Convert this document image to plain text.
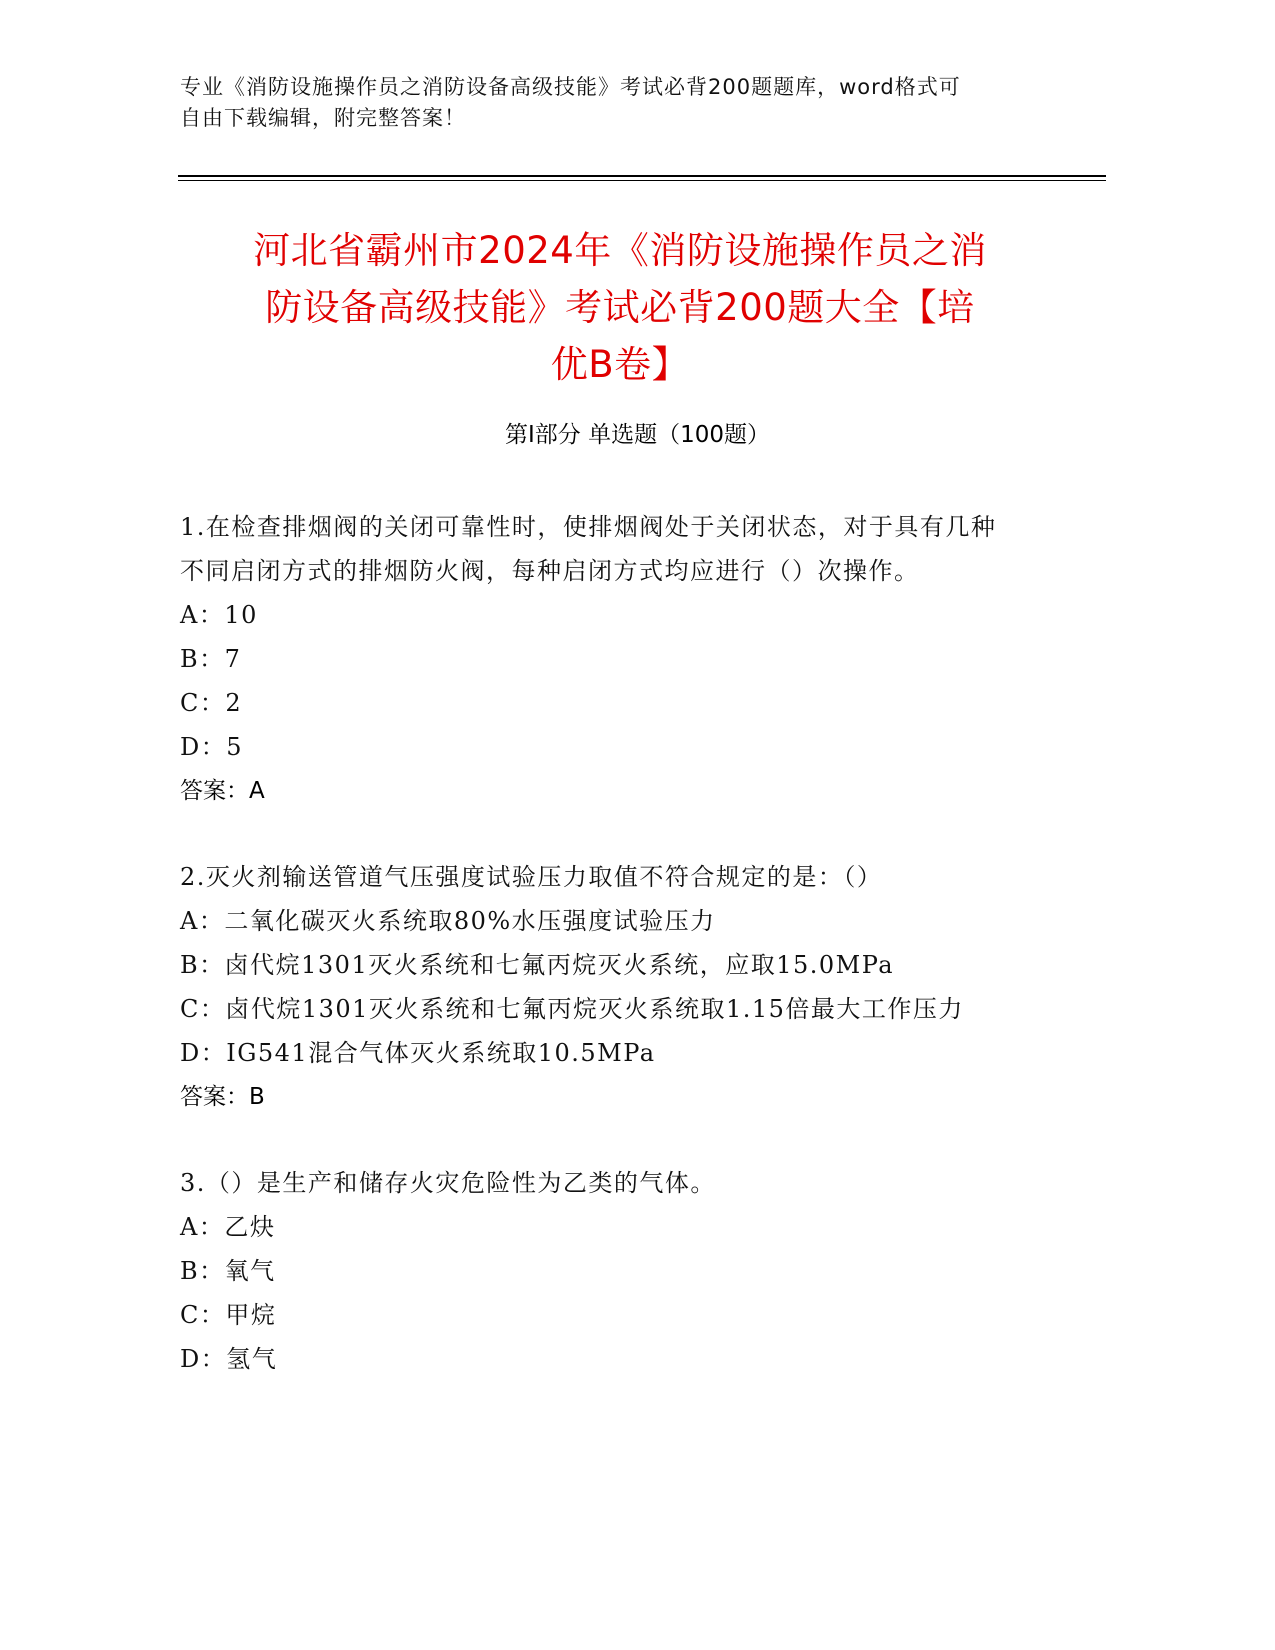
专业《消防设施操作员之消防设备高级技能》考试必背200题题库，word格式可
自由下载编辑，附完整答案！
河北省霸州市2024年《消防设施操作员之消
防设备高级技能》考试必背200题大全【培
优B卷】
第Ⅰ部分 单选题（100题）
1.在检查排烟阀的关闭可靠性时，使排烟阀处于关闭状态，对于具有几种不同启闭方式的排烟防火阀，每种启闭方式均应进行（）次操作。
A：10
B：7
C：2
D：5
答案：A
2.灭火剂输送管道气压强度试验压力取值不符合规定的是：（）
A：二氧化碳灭火系统取80%水压强度试验压力
B：卤代烷1301灭火系统和七氟丙烷灭火系统，应取15.0MPa
C：卤代烷1301灭火系统和七氟丙烷灭火系统取1.15倍最大工作压力
D：IG541混合气体灭火系统取10.5MPa
答案：B
3.（）是生产和储存火灾危险性为乙类的气体。
A：乙炔
B：氧气
C：甲烷
D：氢气
